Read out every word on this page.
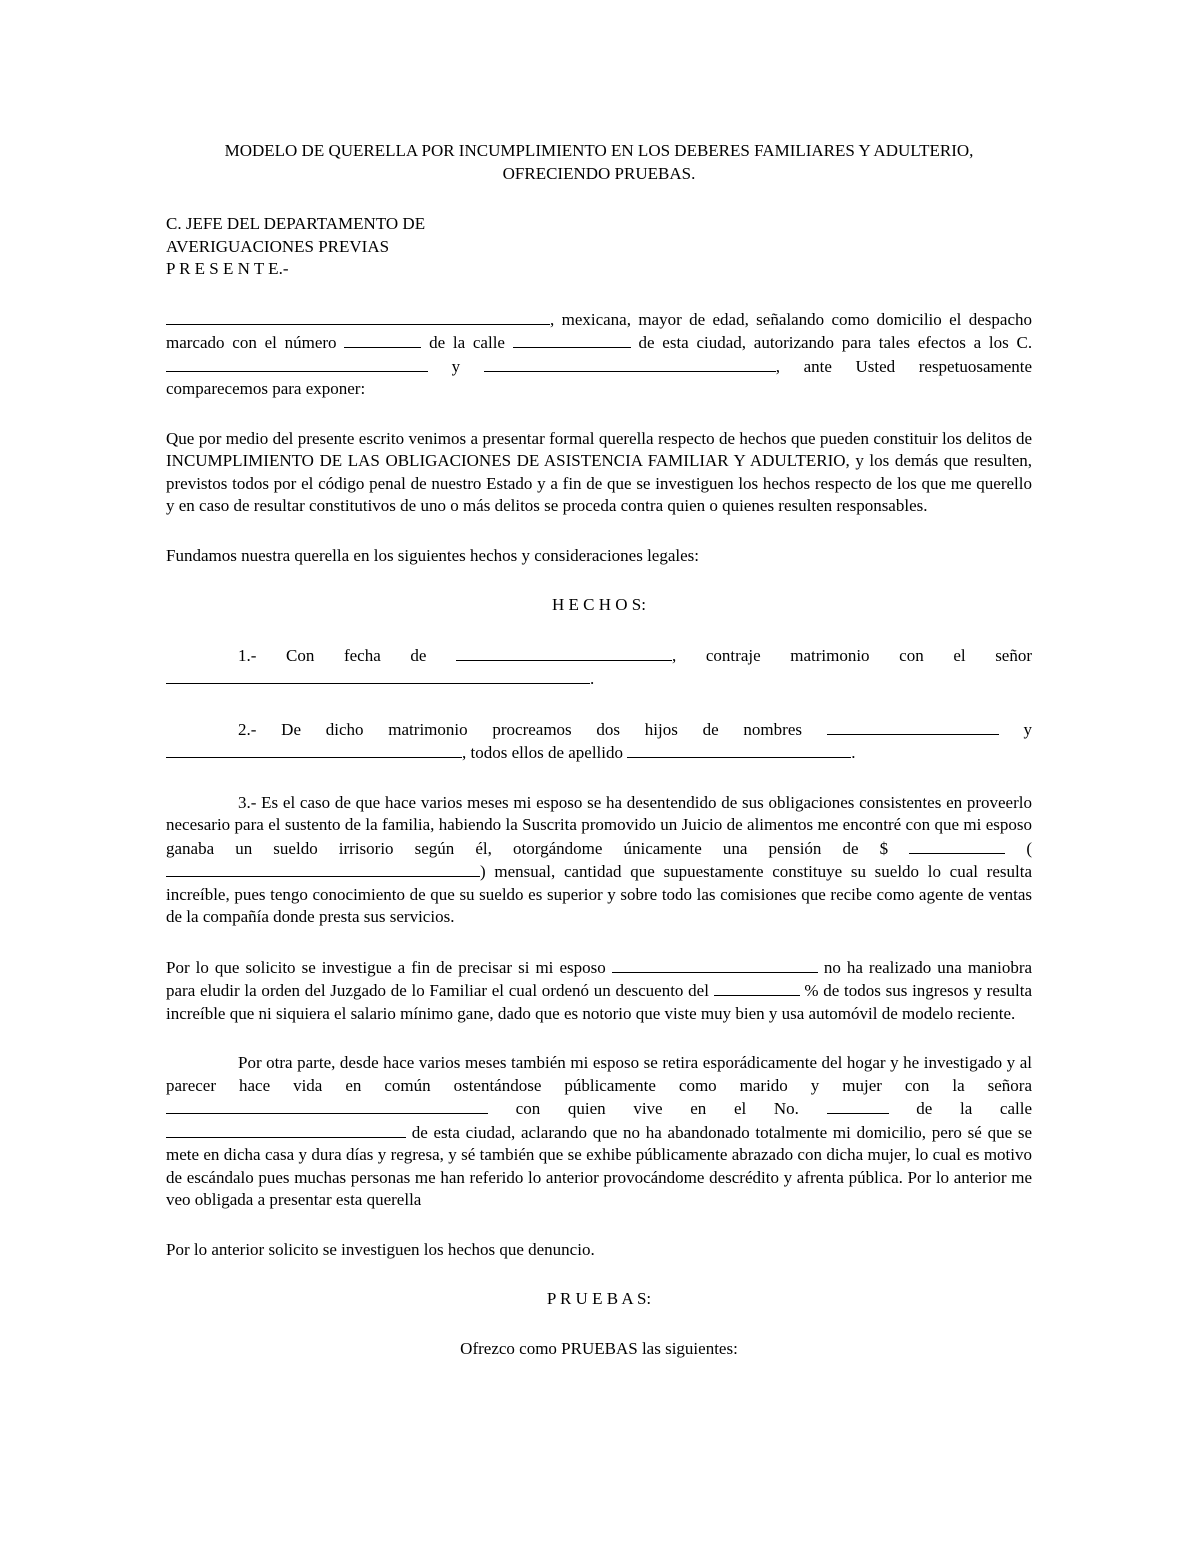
MODELO DE QUERELLA POR INCUMPLIMIENTO EN LOS DEBERES FAMILIARES Y ADULTERIO,
OFRECIENDO PRUEBAS.
C. JEFE DEL DEPARTAMENTO DE
AVERIGUACIONES PREVIAS
P R E S E N T E.-

, mexicana, mayor de edad, señalando como domicilio el despacho marcado con el número	de la calle	de esta ciudad, autorizando para tales efectos a los C.  y	, ante Usted respetuosamente comparecemos para exponer:

Que por medio del presente escrito venimos a presentar formal querella respecto de hechos que pueden constituir los delitos de INCUMPLIMIENTO DE LAS OBLIGACIONES DE ASISTENCIA FAMILIAR Y ADULTERIO, y los demás que resulten, previstos todos por el código penal de nuestro Estado y a fin de que se investiguen los hechos respecto de los que me querello y en caso de resultar constitutivos de uno o más delitos se proceda contra quien o quienes resulten responsables.

Fundamos nuestra querella en los siguientes hechos y consideraciones legales:

H E C H O S:

1.- Con fecha de	, contraje matrimonio con el señor .

2.- De dicho matrimonio procreamos dos hijos de nombres	y , todos ellos de apellido	.

3.- Es el caso de que hace varios meses mi esposo se ha desentendido de sus obligaciones consistentes en proveerlo necesario para el sustento de la familia, habiendo la Suscrita promovido un Juicio de alimentos me encontré con que mi esposo ganaba un sueldo irrisorio según él, otorgándome únicamente una pensión de $	() mensual, cantidad que supuestamente constituye su sueldo lo cual resulta increíble, pues tengo conocimiento de que su sueldo es superior y sobre todo las comisiones que recibe como agente de ventas de la compañía donde presta sus servicios.

Por lo que solicito se investigue a fin de precisar si mi esposo	no ha realizado una maniobra para eludir la orden del Juzgado de lo Familiar el cual ordenó un descuento del	% de todos sus ingresos y resulta increíble que ni siquiera el salario mínimo gane, dado que es notorio que viste muy bien y usa automóvil de modelo reciente.

Por otra parte, desde hace varios meses también mi esposo se retira esporádicamente del hogar y he investigado y al parecer hace vida en común ostentándose públicamente como marido y mujer con la señora  con quien vive en el No.	de la calle  de esta ciudad, aclarando que no ha abandonado totalmente mi domicilio, pero sé que se mete en dicha casa y dura días y regresa, y sé también que se exhibe públicamente abrazado con dicha mujer, lo cual es motivo de escándalo pues muchas personas me han referido lo anterior provocándome descrédito y afrenta pública. Por lo anterior me veo obligada a presentar esta querella

Por lo anterior solicito se investiguen los hechos que denuncio.

P R U E B A S:

Ofrezco como PRUEBAS las siguientes:
